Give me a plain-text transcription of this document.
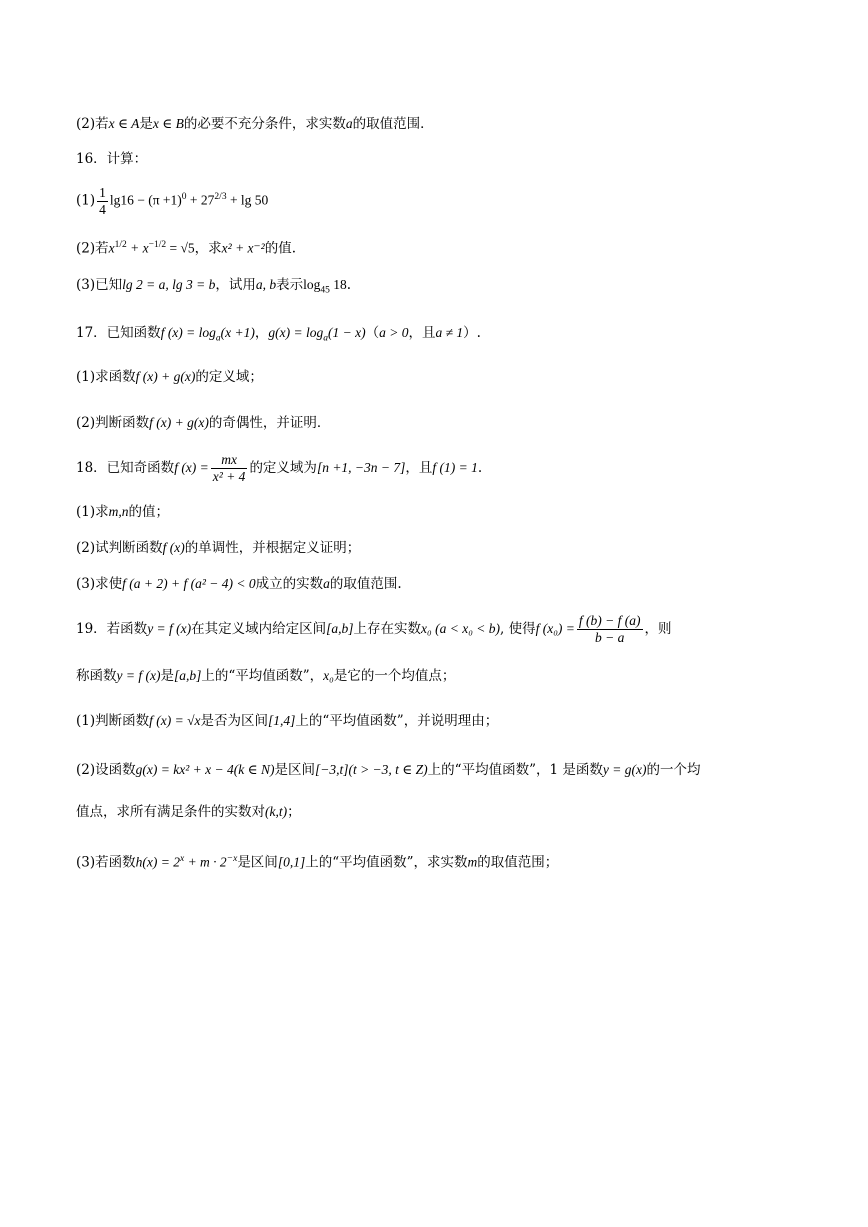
(2)若x ∈ A是x ∈ B的必要不充分条件，求实数a的取值范围．
16．计算：
$(1) \frac{1}{4} \lg 16 - (\pi +1)^0 + 27^{2/3} + \lg 50$
(2)若$x^{1/2} + x^{-1/2} = √5$，求x² + x⁻²的值.
(3)已知lg 2 = a, lg 3 = b，试用a, b表示$\log_{45} 18$.
17．已知函数f $(x) = \log_a(x +1)$，$g(x) = \log_a(1 - x)(a > 0$，且a ≠ 1）.
(1)求函数f (x) + g(x)的定义域；
(2)判断函数f (x) + g(x)的奇偶性，并证明．
18．已知奇函数f $(x) = \frac{mx}{\text{x² + 4}}$ 的定义域为[n +1, −3n − 7]，且f (1) = 1.
(1)求m,n的值；
(2)试判断函数f (x)的单调性，并根据定义证明；
(3)求使f (a + 2) + f (a² − 4) < 0成立的实数a的取值范围.
19．若函数y = f (x)在其定义域内给定区间[a,b]上存在实数x₀ (a < x₀ < b), 使得f $(x_0) = \frac{f (b) - f (a)}{b - a}$ ，则
称函数y = f (x)是[a,b]上的“平均值函数”，x₀是它的一个均值点；
(1)判断函数f (x) = √x是否为区间[1,4]上的“平均值函数”，并说明理由；
(2)设函数g(x) = kx² + x − 4(k ∈ N)是区间[−3,t](t > −3, t ∈ Z)上的“平均值函数”，1 是函数y = g(x)的一个均
值点，求所有满足条件的实数对(k,t)；
(3)若函数$h(x) = 2^x + m \cdot 2^{-x}$是区间[0,1]上的“平均值函数”，求实数m的取值范围；
